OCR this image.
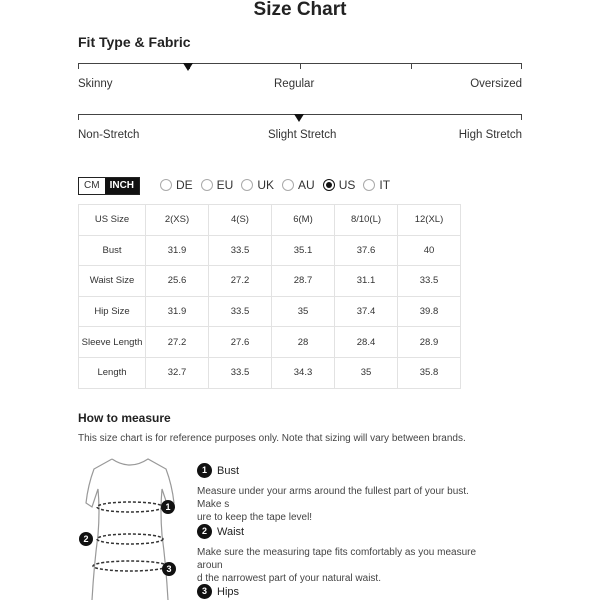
Size Chart
Fit Type & Fabric
Skinny	Regular	Oversized
Non-Stretch	Slight Stretch	High Stretch
CM	INCH	DE EU UK AU US IT
US Size	2(XS)	4(S)	6(M)	8/10(L)	12(XL)
Bust	31.9	33.5	35.1	37.6	40
Waist Size	25.6	27.2	28.7	31.1	33.5
Hip Size	31.9	33.5	35	37.4	39.8
Sleeve Length	27.2	27.6	28	28.4	28.9
Length	32.7	33.5	34.3	35	35.8
How to measure
This size chart is for reference purposes only. Note that sizing will vary between brands.
1
2
3
1 Bust
Measure under your arms around the fullest part of your bust. Make s
ure to keep the tape level!
2 Waist
Make sure the measuring tape fits comfortably as you measure aroun
d the narrowest part of your natural waist.
3 Hips
